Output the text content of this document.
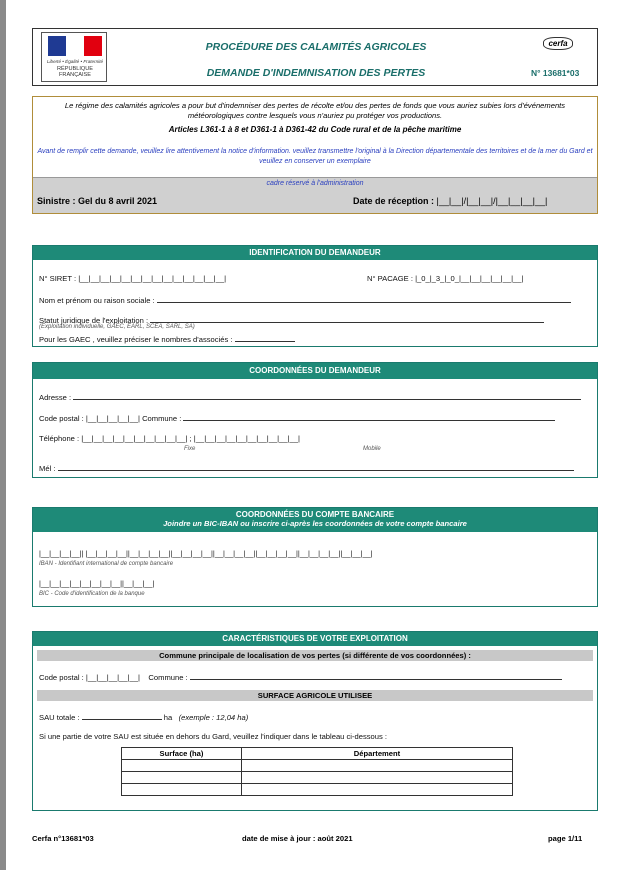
Liberté • Égalité • Fraternité
RÉPUBLIQUE FRANÇAISE
PROCÉDURE DES CALAMITÉS AGRICOLES
DEMANDE D'INDEMNISATION DES PERTES
cerfa
N° 13681*03
Le régime des calamités agricoles a pour but d'indemniser des pertes de récolte et/ou des pertes de fonds que vous auriez subies lors d'événements météorologiques contre lesquels vous n'auriez pu protéger vos productions.
Articles L361-1 à 8 et D361-1 à D361-42 du Code rural et de la pêche maritime
Avant de remplir cette demande, veuillez lire attentivement la notice d'information. veuillez transmettre l'original à la Direction départementale des territoires et de la mer du Gard et veuillez en conserver un exemplaire
cadre réservé à l'administration
Sinistre : Gel du 8 avril 2021	Date de réception : |__|__|/|__|__|/|__|__|__|__|
IDENTIFICATION DU DEMANDEUR
N° SIRET : |__|__|__|__|__|__|__|__|__|__|__|__|__|__|	N° PACAGE : |_0_|_3_|_0_|__|__|__|__|__|__|
Nom et prénom ou raison sociale :
Statut juridique de l'exploitation :
(Exploitation individuelle, GAEC, EARL, SCEA, SARL, SA)
Pour les GAEC , veuillez préciser le nombres d'associés :
COORDONNÉES DU DEMANDEUR
Adresse :
Code postal : |__|__|__|__|__| Commune :
Téléphone : |__|__|__|__|__|__|__|__|__|__| ; |__|__|__|__|__|__|__|__|__|__|
Fixe	Mobile
Mél :
COORDONNÉES DU COMPTE BANCAIRE
Joindre un BIC-IBAN ou inscrire ci-après les coordonnées de votre compte bancaire
|__|__|__|__|| |__|__|__|__||__|__|__|__||__|__|__|__||__|__|__|__||__|__|__|__||__|__|__|__||__|__|__|
IBAN - Identifiant international de compte bancaire
|__|__|__|__|__|__|__|__||__|__|__|
BIC - Code d'identification de la banque
CARACTÉRISTIQUES DE VOTRE EXPLOITATION
Commune principale de localisation de vos pertes (si différente de vos coordonnées) :
Code postal : |__|__|__|__|__| Commune :
SURFACE AGRICOLE UTILISEE
SAU totale :	ha (exemple : 12,04 ha)
Si une partie de votre SAU est située en dehors du Gard, veuillez l'indiquer dans le tableau ci-dessous :
Surface (ha)	Département

Cerfa n°13681*03	date de mise à jour : août 2021	page 1/11
